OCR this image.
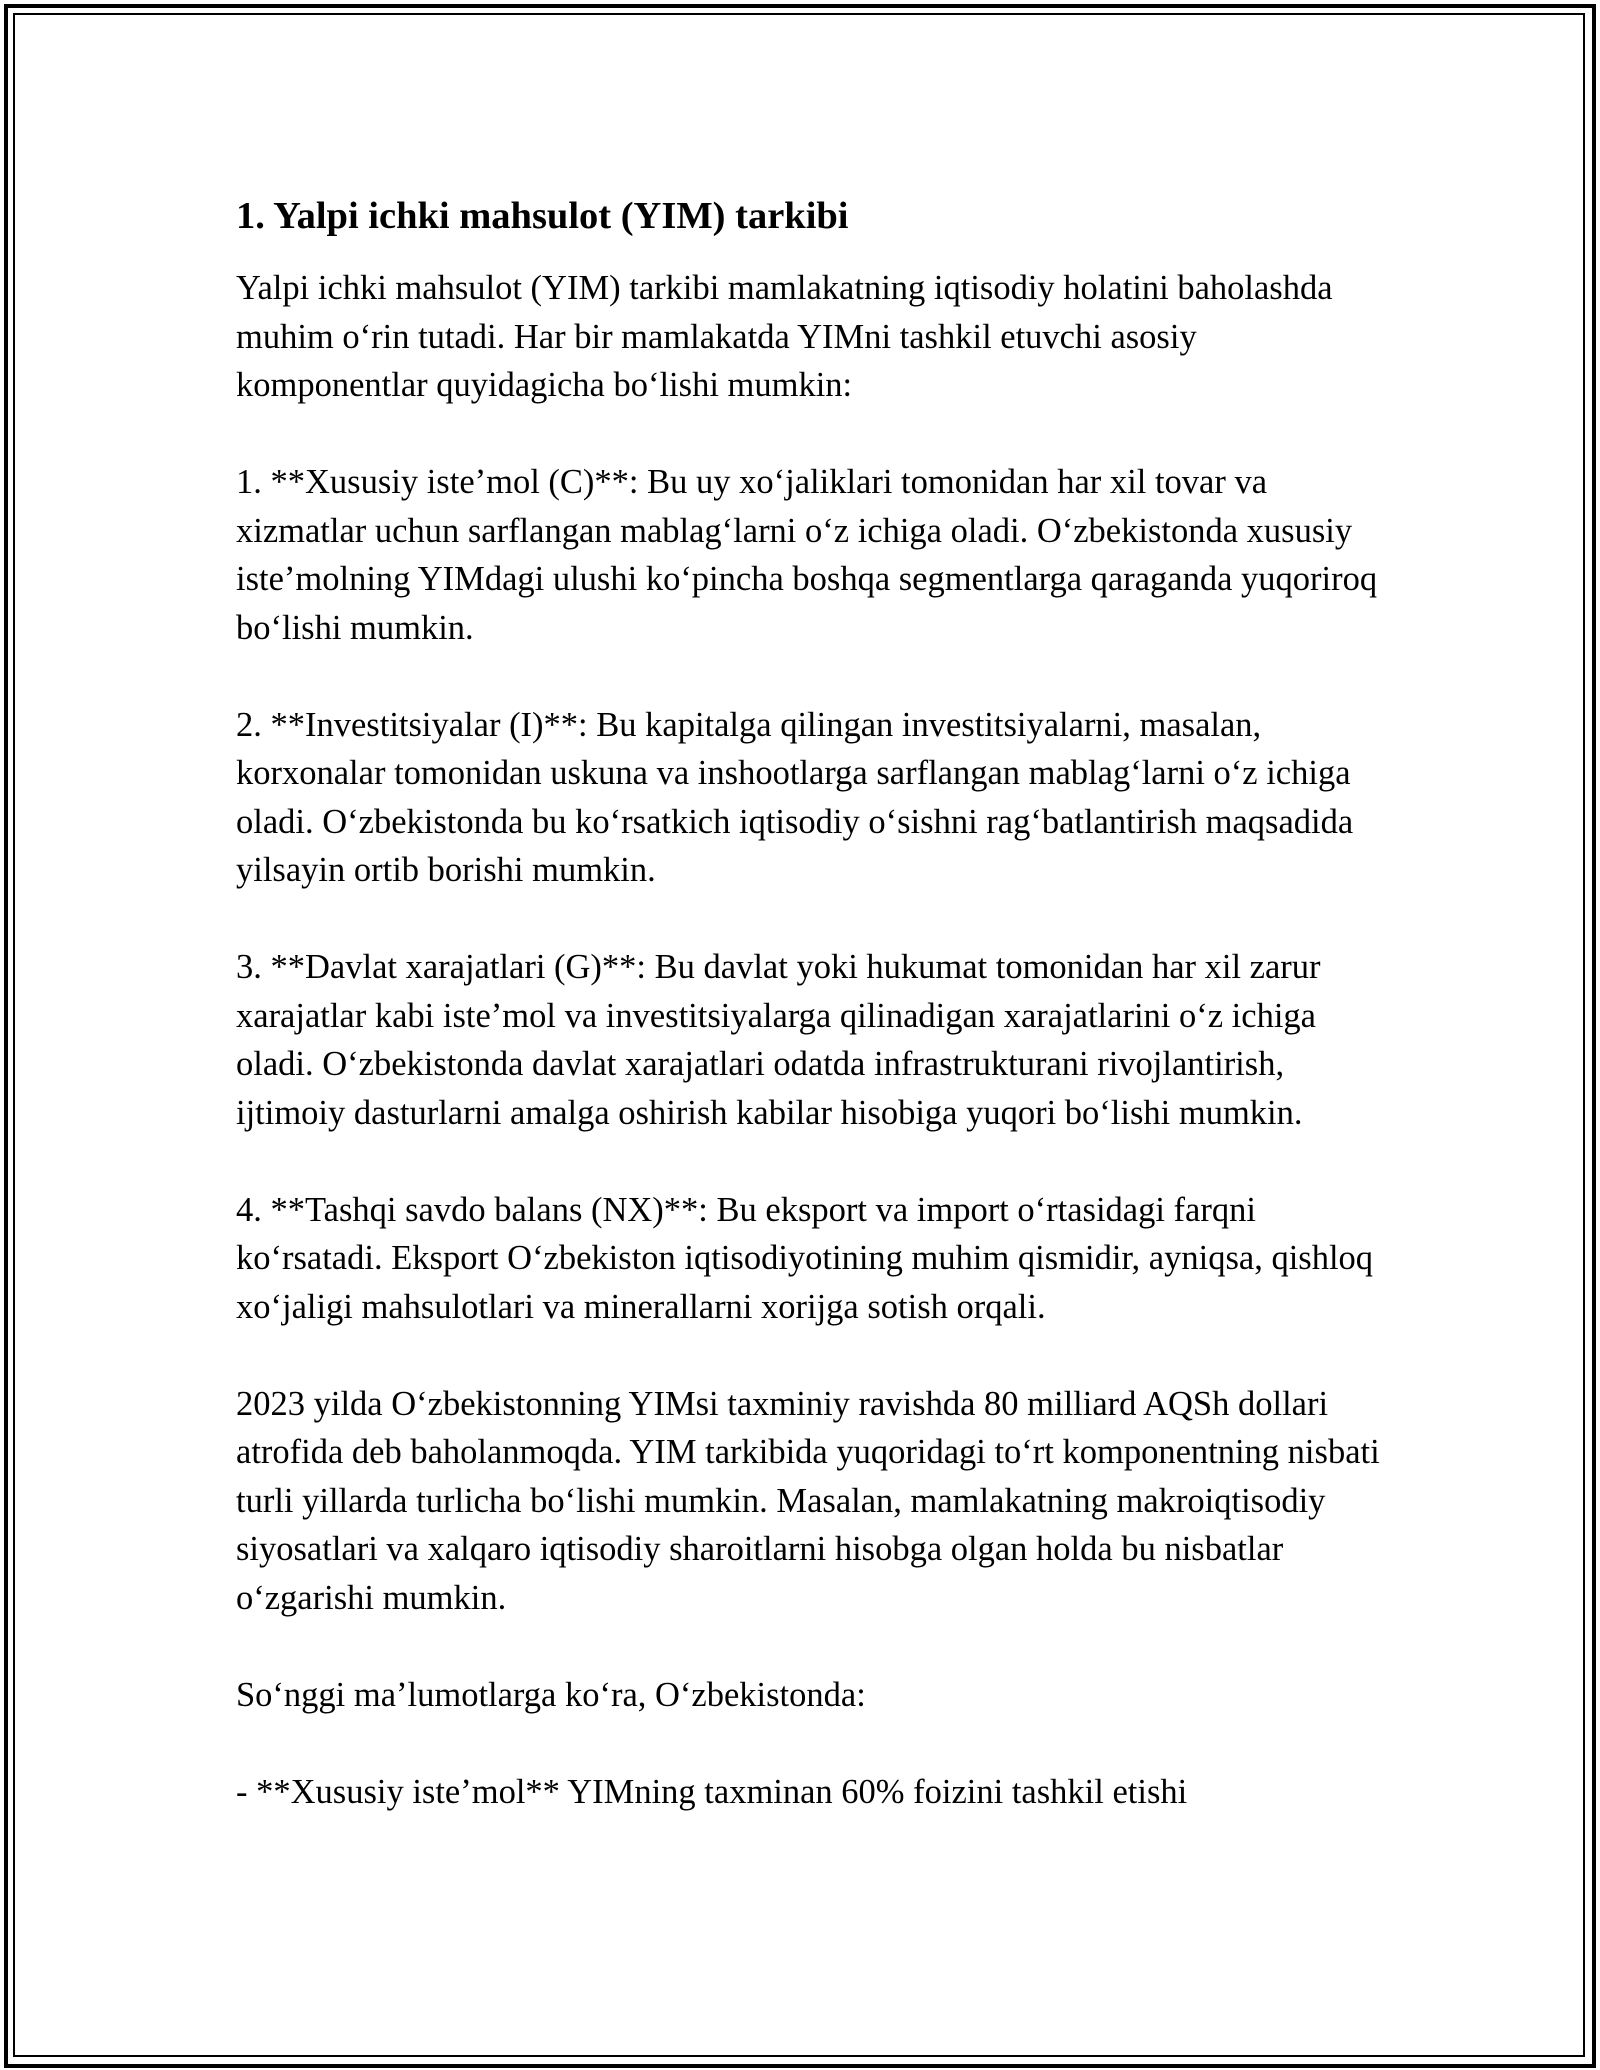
1. Yalpi ichki mahsulot (YIM) tarkibi

Yalpi ichki mahsulot (YIM) tarkibi mamlakatning iqtisodiy holatini baholashda muhim oʻrin tutadi. Har bir mamlakatda YIMni tashkil etuvchi asosiy komponentlar quyidagicha boʻlishi mumkin:

1. **Xususiy isteʼmol (C)**: Bu uy xoʻjaliklari tomonidan har xil tovar va xizmatlar uchun sarflangan mablagʻlarni oʻz ichiga oladi. Oʻzbekistonda xususiy isteʼmolning YIMdagi ulushi koʻpincha boshqa segmentlarga qaraganda yuqoriroq boʻlishi mumkin.

2. **Investitsiyalar (I)**: Bu kapitalga qilingan investitsiyalarni, masalan, korxonalar tomonidan uskuna va inshootlarga sarflangan mablagʻlarni oʻz ichiga oladi. Oʻzbekistonda bu koʻrsatkich iqtisodiy oʻsishni ragʻbatlantirish maqsadida yilsayin ortib borishi mumkin.

3. **Davlat xarajatlari (G)**: Bu davlat yoki hukumat tomonidan har xil zarur xarajatlar kabi isteʼmol va investitsiyalarga qilinadigan xarajatlarini oʻz ichiga oladi. Oʻzbekistonda davlat xarajatlari odatda infrastrukturani rivojlantirish, ijtimoiy dasturlarni amalga oshirish kabilar hisobiga yuqori boʻlishi mumkin.

4. **Tashqi savdo balans (NX)**: Bu eksport va import oʻrtasidagi farqni koʻrsatadi. Eksport Oʻzbekiston iqtisodiyotining muhim qismidir, ayniqsa, qishloq xoʻjaligi mahsulotlari va minerallarni xorijga sotish orqali.

2023 yilda Oʻzbekistonning YIMsi taxminiy ravishda 80 milliard AQSh dollari atrofida deb baholanmoqda. YIM tarkibida yuqoridagi toʻrt komponentning nisbati turli yillarda turlicha boʻlishi mumkin. Masalan, mamlakatning makroiqtisodiy siyosatlari va xalqaro iqtisodiy sharoitlarni hisobga olgan holda bu nisbatlar oʻzgarishi mumkin.

Soʻnggi maʼlumotlarga koʻra, Oʻzbekistonda:

- **Xususiy isteʼmol** YIMning taxminan 60% foizini tashkil etishi
